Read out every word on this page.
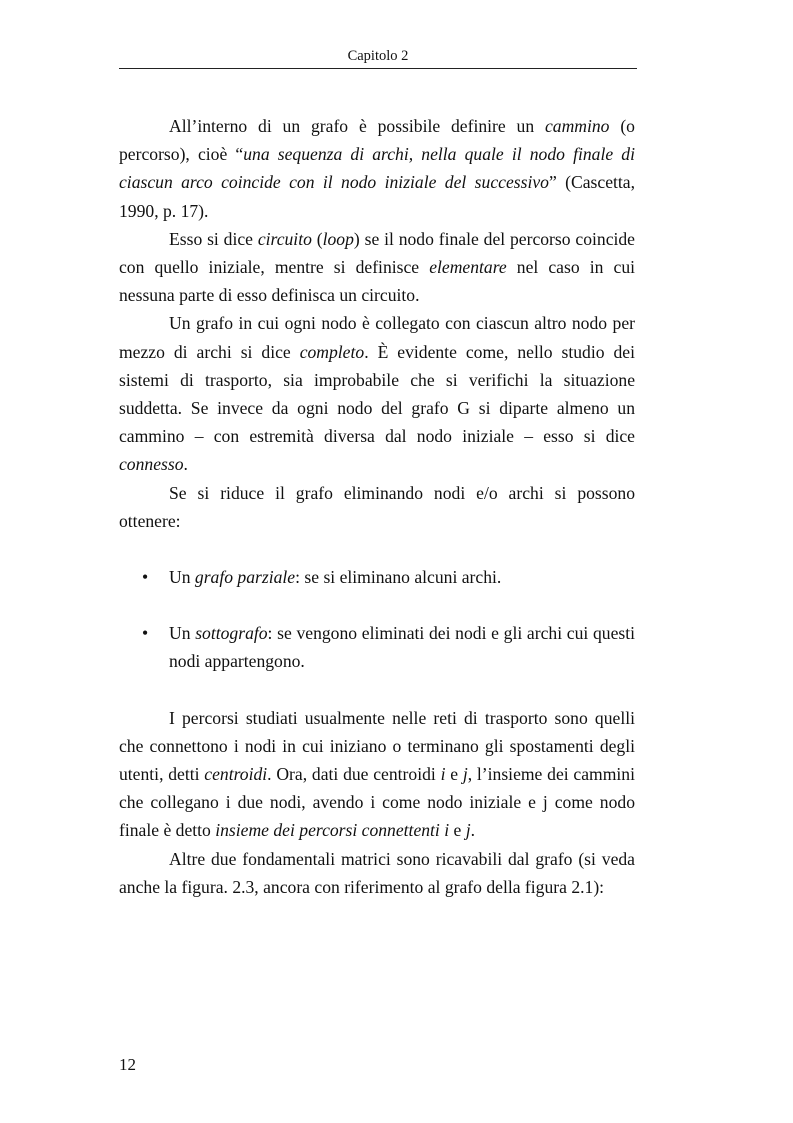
Capitolo 2

All’interno di un grafo è possibile definire un cammino (o percorso), cioè “una sequenza di archi, nella quale il nodo finale di ciascun arco coincide con il nodo iniziale del successivo” (Cascetta, 1990, p. 17).

Esso si dice circuito (loop) se il nodo finale del percorso coincide con quello iniziale, mentre si definisce elementare nel caso in cui nessuna parte di esso definisca un circuito.

Un grafo in cui ogni nodo è collegato con ciascun altro nodo per mezzo di archi si dice completo. È evidente come, nello studio dei sistemi di trasporto, sia improbabile che si verifichi la situazione suddetta. Se invece da ogni nodo del grafo G si diparte almeno un cammino – con estremità diversa dal nodo iniziale – esso si dice connesso.

Se si riduce il grafo eliminando nodi e/o archi si possono ottenere:

• Un grafo parziale: se si eliminano alcuni archi.
• Un sottografo: se vengono eliminati dei nodi e gli archi cui questi nodi appartengono.

I percorsi studiati usualmente nelle reti di trasporto sono quelli che connettono i nodi in cui iniziano o terminano gli spostamenti degli utenti, detti centroidi. Ora, dati due centroidi i e j, l’insieme dei cammini che collegano i due nodi, avendo i come nodo iniziale e j come nodo finale è detto insieme dei percorsi connettenti i e j.

Altre due fondamentali matrici sono ricavabili dal grafo (si veda anche la figura. 2.3, ancora con riferimento al grafo della figura 2.1):

12
